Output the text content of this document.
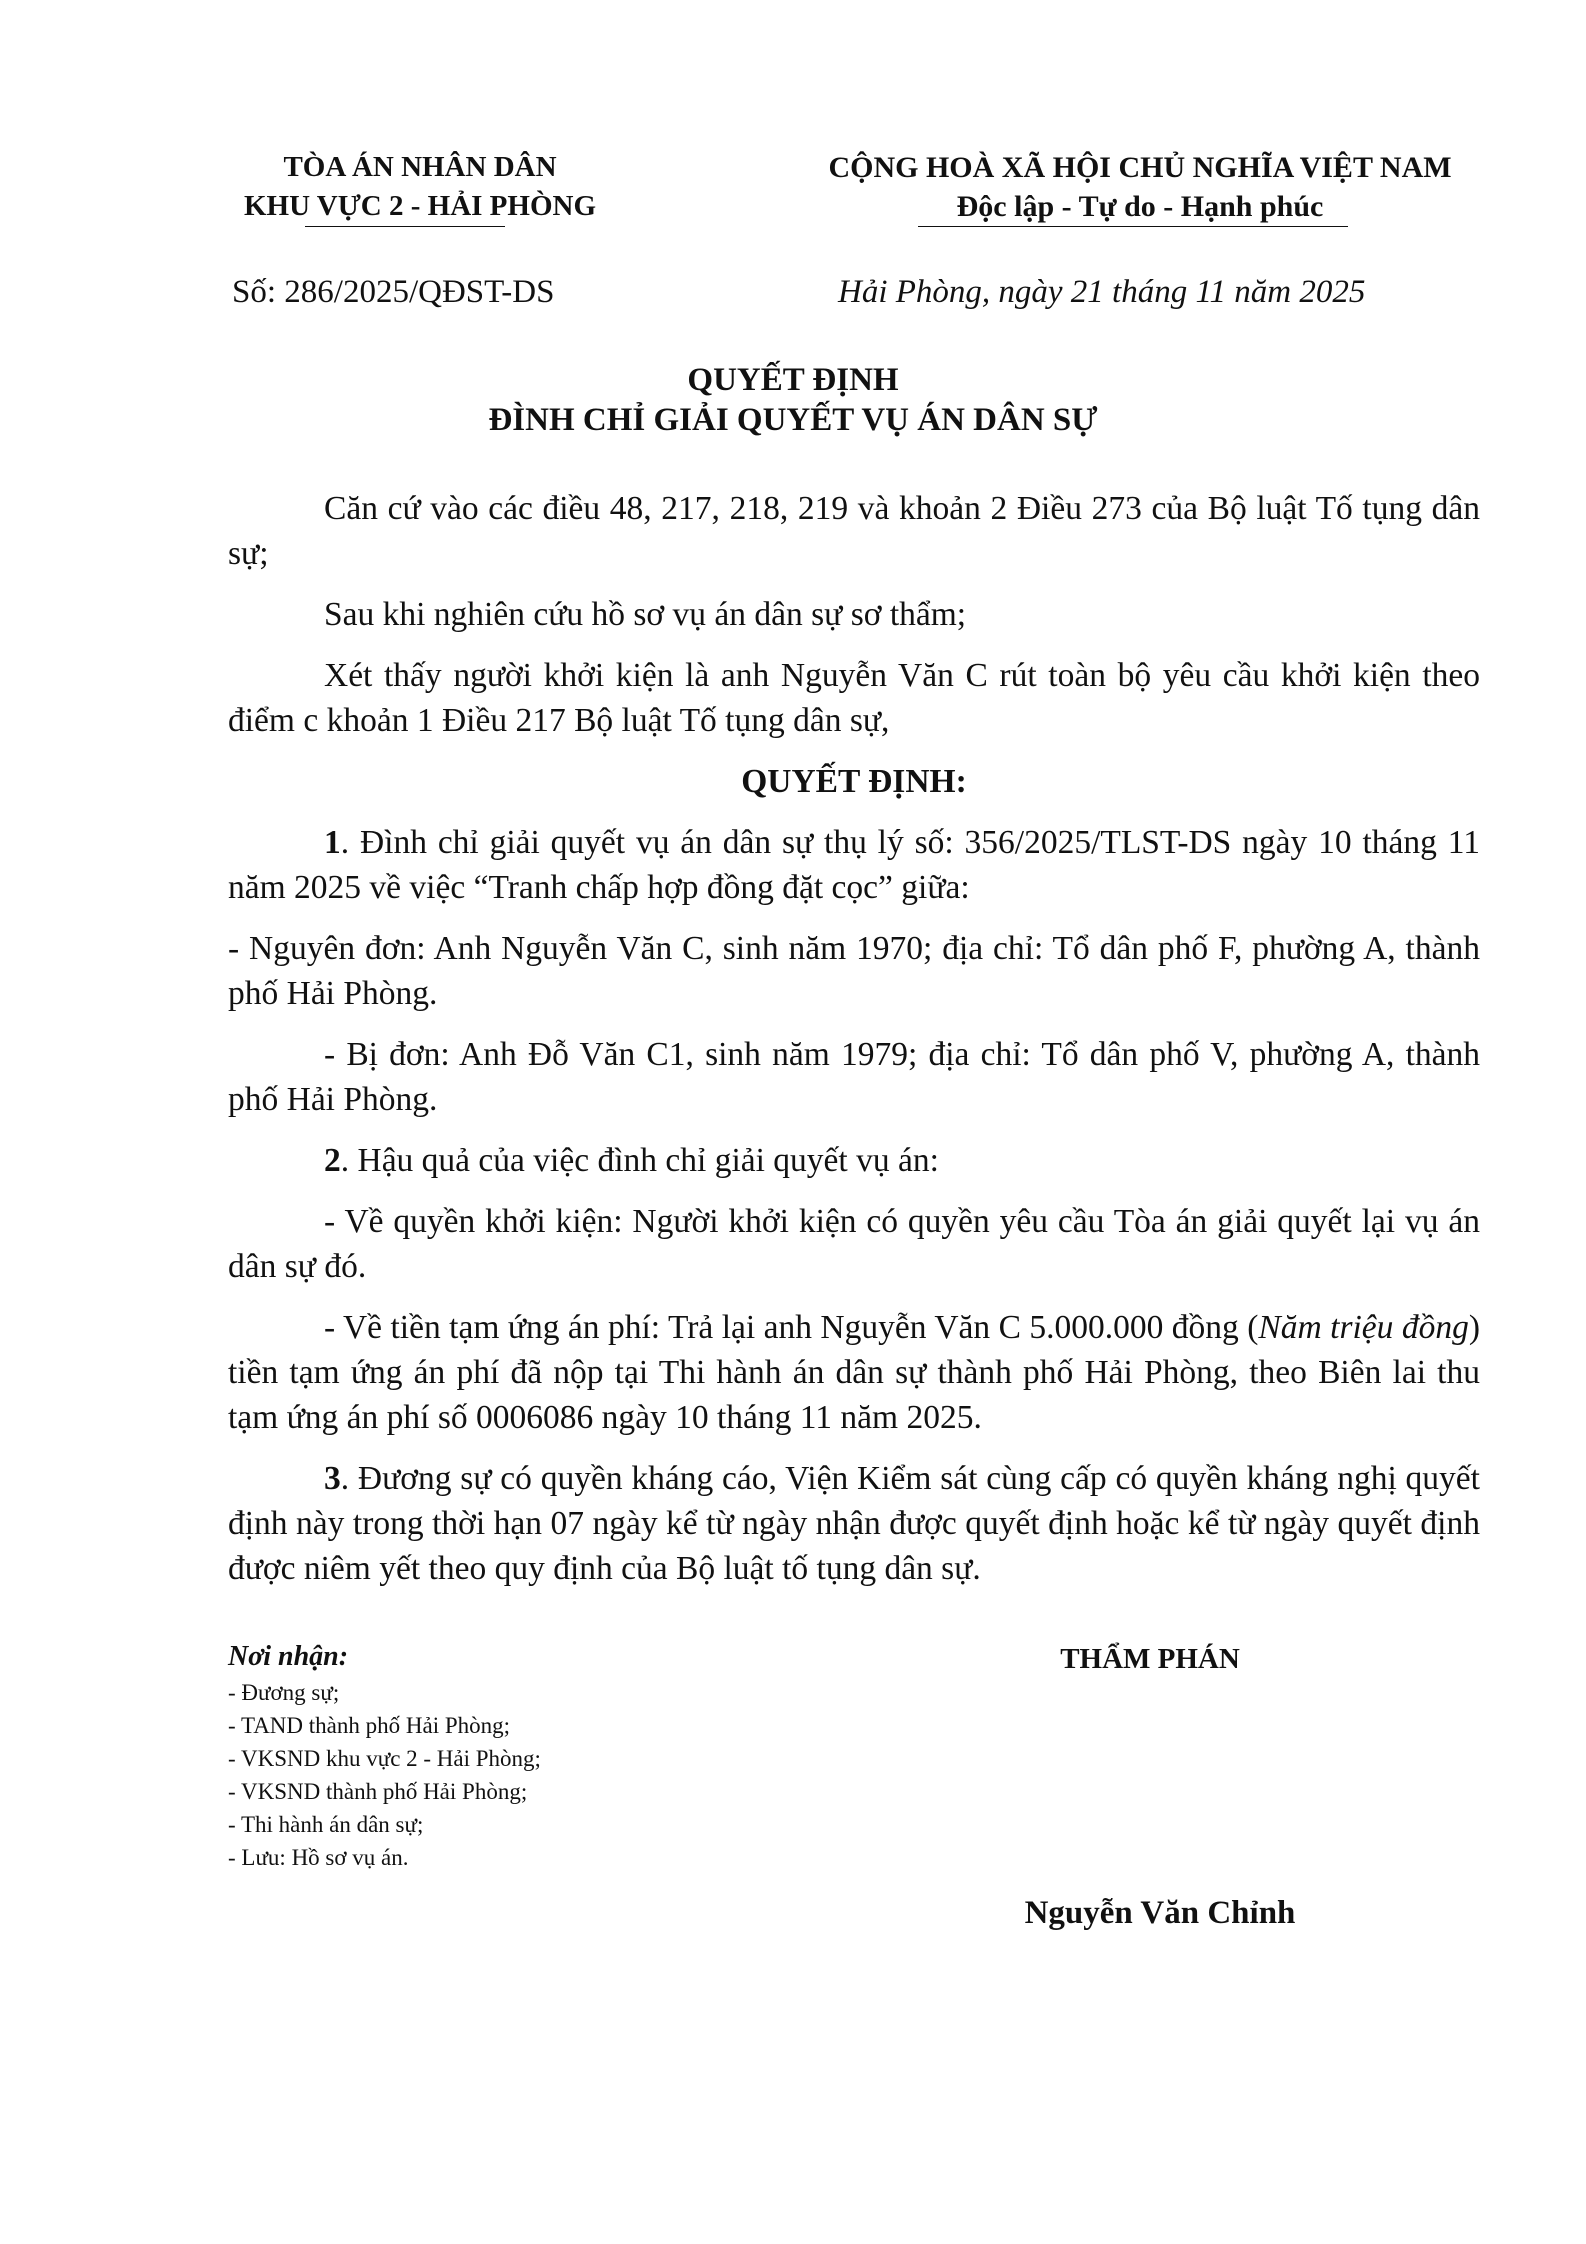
TÒA ÁN NHÂN DÂN
KHU VỰC 2 - HẢI PHÒNG
CỘNG HOÀ XÃ HỘI CHỦ NGHĨA VIỆT NAM
Độc lập - Tự do - Hạnh phúc
Số: 286/2025/QĐST-DS	Hải Phòng, ngày 21 tháng 11 năm 2025
QUYẾT ĐỊNH
ĐÌNH CHỈ GIẢI QUYẾT VỤ ÁN DÂN SỰ

Căn cứ vào các điều 48, 217, 218, 219 và khoản 2 Điều 273 của Bộ luật Tố tụng dân sự;

Sau khi nghiên cứu hồ sơ vụ án dân sự sơ thẩm;

Xét thấy người khởi kiện là anh Nguyễn Văn C rút toàn bộ yêu cầu khởi kiện theo điểm c khoản 1 Điều 217 Bộ luật Tố tụng dân sự,

QUYẾT ĐỊNH:

1. Đình chỉ giải quyết vụ án dân sự thụ lý số: 356/2025/TLST-DS ngày 10 tháng 11 năm 2025 về việc “Tranh chấp hợp đồng đặt cọc” giữa:

- Nguyên đơn: Anh Nguyễn Văn C, sinh năm 1970; địa chỉ: Tổ dân phố F, phường A, thành phố Hải Phòng.

- Bị đơn: Anh Đỗ Văn C1, sinh năm 1979; địa chỉ: Tổ dân phố V, phường A, thành phố Hải Phòng.

2. Hậu quả của việc đình chỉ giải quyết vụ án:

- Về quyền khởi kiện: Người khởi kiện có quyền yêu cầu Tòa án giải quyết lại vụ án dân sự đó.

- Về tiền tạm ứng án phí: Trả lại anh Nguyễn Văn C 5.000.000 đồng (Năm triệu đồng) tiền tạm ứng án phí đã nộp tại Thi hành án dân sự thành phố Hải Phòng, theo Biên lai thu tạm ứng án phí số 0006086 ngày 10 tháng 11 năm 2025.

3. Đương sự có quyền kháng cáo, Viện Kiểm sát cùng cấp có quyền kháng nghị quyết định này trong thời hạn 07 ngày kể từ ngày nhận được quyết định hoặc kể từ ngày quyết định được niêm yết theo quy định của Bộ luật tố tụng dân sự.

Nơi nhận:
- Đương sự;
- TAND thành phố Hải Phòng;
- VKSND khu vực 2 - Hải Phòng;
- VKSND thành phố Hải Phòng;
- Thi hành án dân sự;
- Lưu: Hồ sơ vụ án.
THẨM PHÁN
Nguyễn Văn Chỉnh
